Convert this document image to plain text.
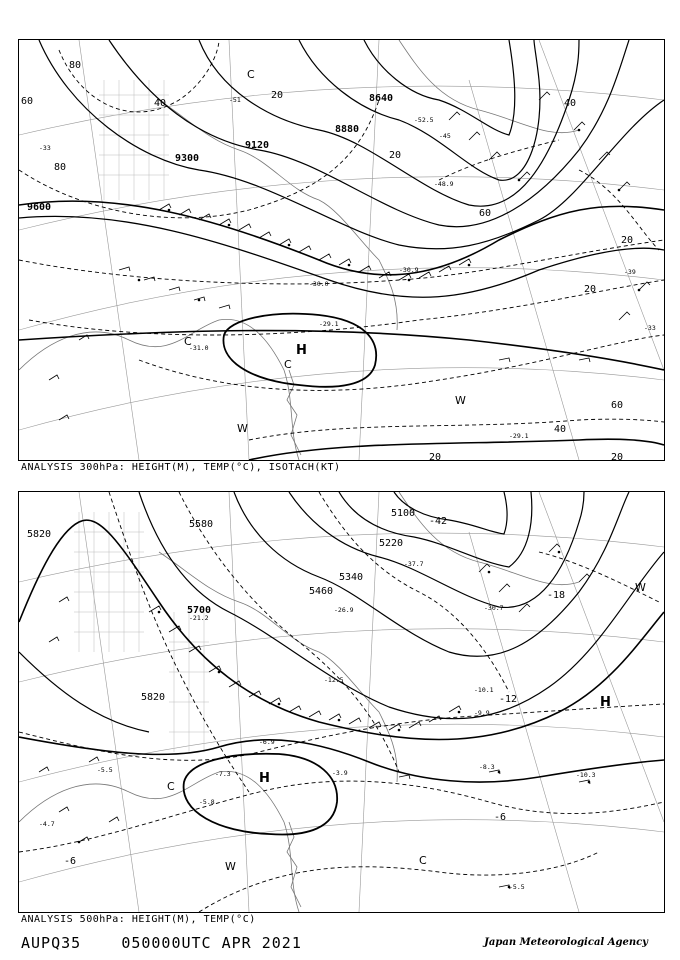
9600
9300
9120
8880
8640
80
60	40
20
20
40
60
80
20
20
60
40
20	20
-33
-45
-51
-52.5
-48.9
-30.9
-29.1
-31.0
-33
-29.1
-30.0
-39
H
C
C
C
W
W
ANALYSIS 300hPa: HEIGHT(M), TEMP(°C), ISOTACH(KT)
5820
5580
5700
5460
5340
5220
5100
5820
-42
-18
-12
-6
-6
-37.7
-30.7
-26.9
-21.2
-12.5
-10.1
-9.9
-8.3
-10.3
-5.5
-3.9
-6.9
-5.8
-7.3
-4.7
-5.5
H
H
C
C
W
W
ANALYSIS 500hPa: HEIGHT(M), TEMP(°C)
AUPQ35	050000UTC APR 2021	Japan Meteorological Agency
